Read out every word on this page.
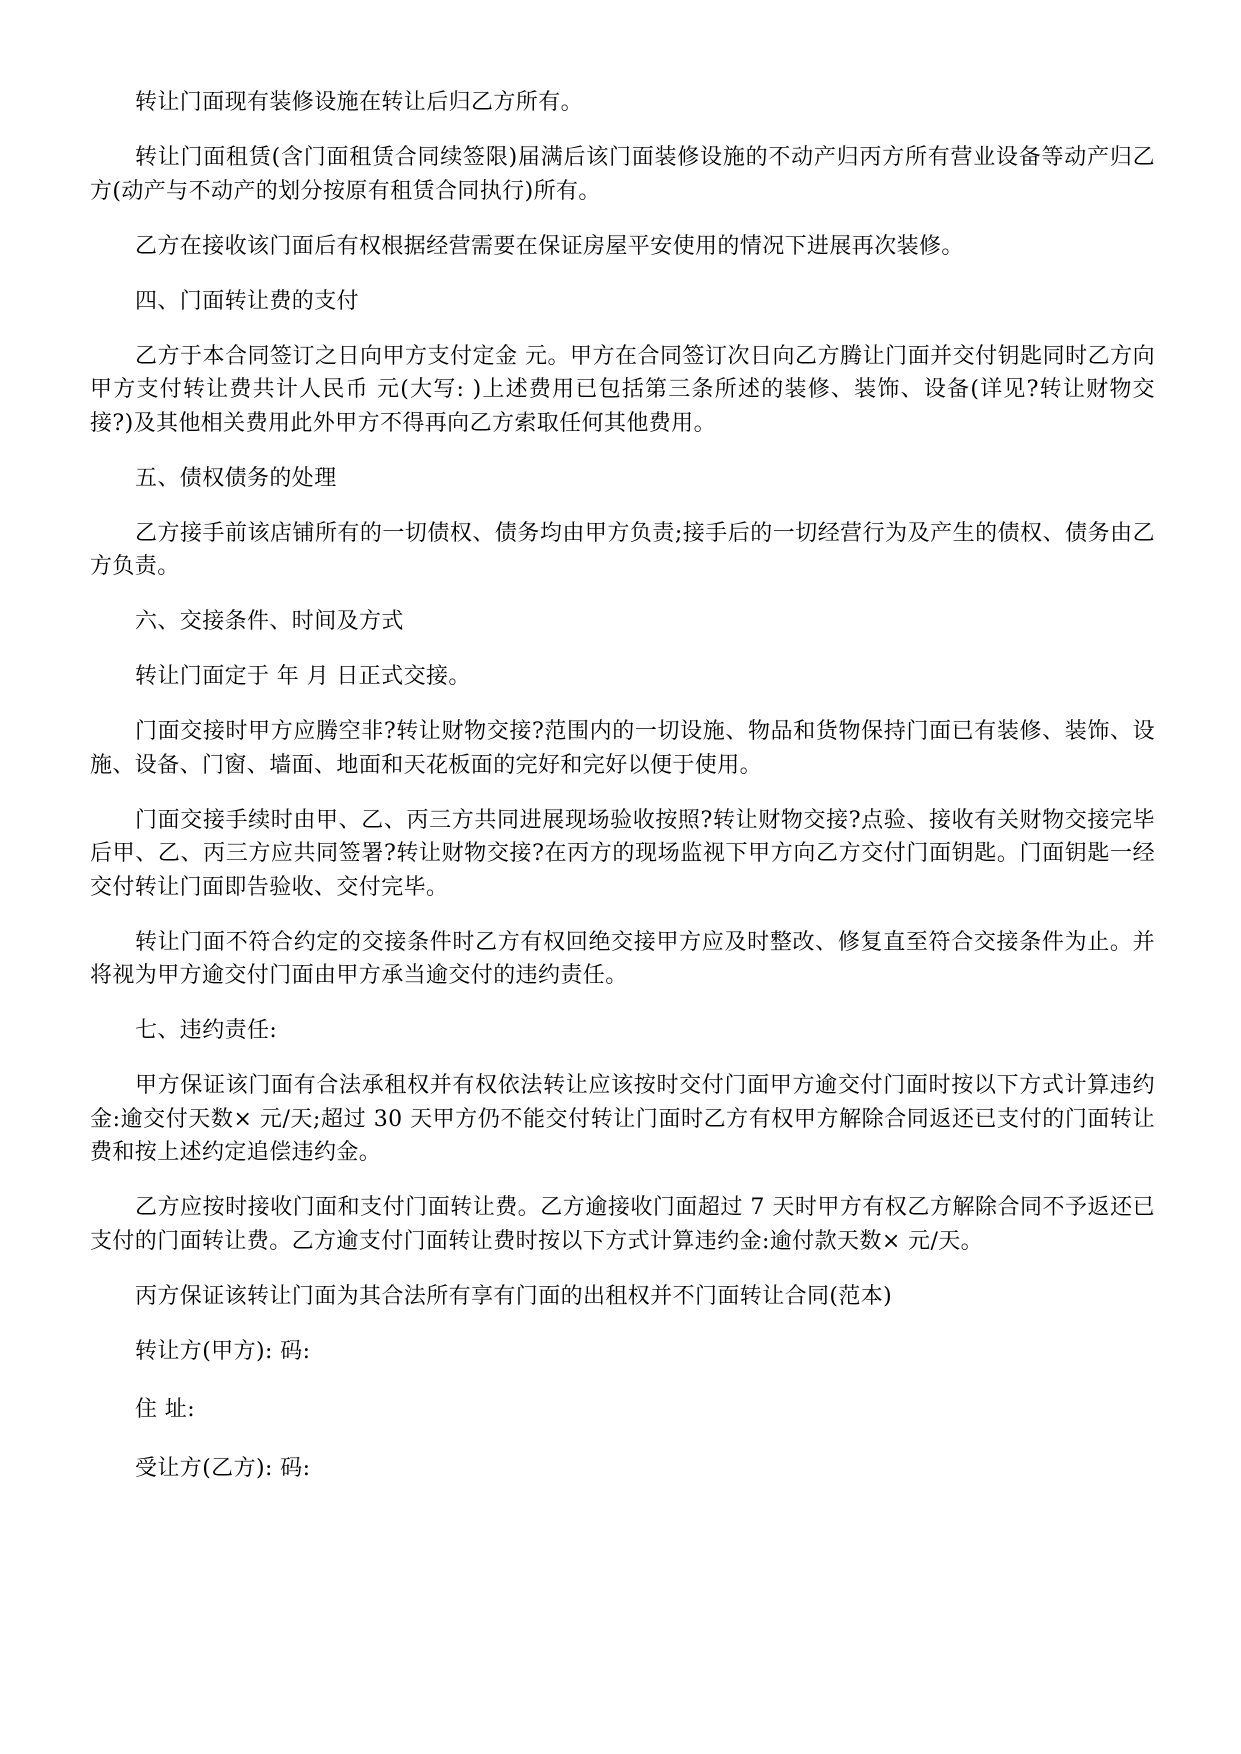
转让门面现有装修设施在转让后归乙方所有。

转让门面租赁(含门面租赁合同续签限)届满后该门面装修设施的不动产归丙方所有营业设备等动产归乙方(动产与不动产的划分按原有租赁合同执行)所有。

乙方在接收该门面后有权根据经营需要在保证房屋平安使用的情况下进展再次装修。

四、门面转让费的支付

乙方于本合同签订之日向甲方支付定金 元。甲方在合同签订次日向乙方腾让门面并交付钥匙同时乙方向甲方支付转让费共计人民币 元(大写: )上述费用已包括第三条所述的装修、装饰、设备(详见?转让财物交接?)及其他相关费用此外甲方不得再向乙方索取任何其他费用。

五、债权债务的处理

乙方接手前该店铺所有的一切债权、债务均由甲方负责;接手后的一切经营行为及产生的债权、债务由乙方负责。

六、交接条件、时间及方式

转让门面定于 年 月 日正式交接。

门面交接时甲方应腾空非?转让财物交接?范围内的一切设施、物品和货物保持门面已有装修、装饰、设施、设备、门窗、墙面、地面和天花板面的完好和完好以便于使用。

门面交接手续时由甲、乙、丙三方共同进展现场验收按照?转让财物交接?点验、接收有关财物交接完毕后甲、乙、丙三方应共同签署?转让财物交接?在丙方的现场监视下甲方向乙方交付门面钥匙。门面钥匙一经交付转让门面即告验收、交付完毕。

转让门面不符合约定的交接条件时乙方有权回绝交接甲方应及时整改、修复直至符合交接条件为止。并将视为甲方逾交付门面由甲方承当逾交付的违约责任。

七、违约责任:

甲方保证该门面有合法承租权并有权依法转让应该按时交付门面甲方逾交付门面时按以下方式计算违约金:逾交付天数× 元/天;超过 30 天甲方仍不能交付转让门面时乙方有权甲方解除合同返还已支付的门面转让费和按上述约定追偿违约金。

乙方应按时接收门面和支付门面转让费。乙方逾接收门面超过 7 天时甲方有权乙方解除合同不予返还已支付的门面转让费。乙方逾支付门面转让费时按以下方式计算违约金:逾付款天数× 元/天。

丙方保证该转让门面为其合法所有享有门面的出租权并不门面转让合同(范本)

转让方(甲方): 码:

住 址:

受让方(乙方): 码:
